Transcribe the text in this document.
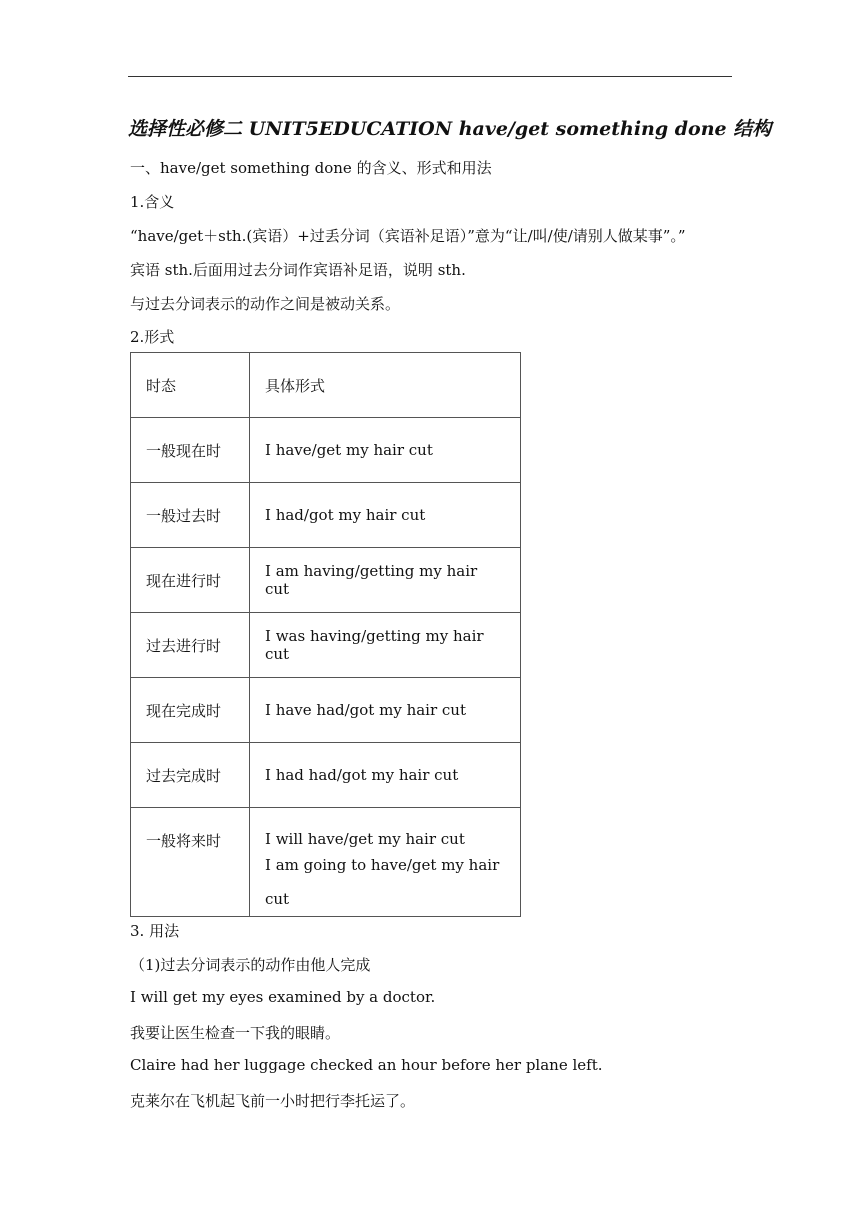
选择性必修二 UNIT5EDUCATION have/get something done 结构
一、have/get something done 的含义、形式和用法
1.含义
“have/get＋sth.(宾语）+过丢分词（宾语补足语）”意为“让/叫/使/请别人做某事”。”
宾语 sth.后面用过去分词作宾语补足语，说明 sth.
与过去分词表示的动作之间是被动关系。
2.形式
时态	具体形式
一般现在时	I have/get my hair cut
一般过去时	I had/got my hair cut
现在进行时	I am having/getting my hair cut
过去进行时	I was having/getting my hair cut
现在完成时	I have had/got my hair cut
过去完成时	I had had/got my hair cut
一般将来时	I will have/get my hair cut
I am going to have/get my hair cut
3. 用法
（1)过去分词表示的动作由他人完成
I will get my eyes examined by a doctor.
我要让医生检查一下我的眼睛。
Claire had her luggage checked an hour before her plane left.
克莱尔在飞机起飞前一小时把行李托运了。
